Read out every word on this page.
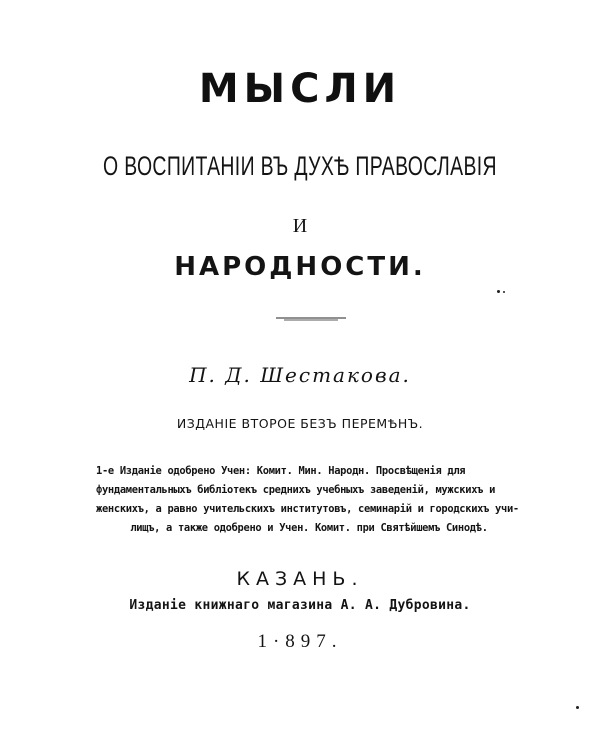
МЫСЛИ
О ВОСПИТАНІИ ВЪ ДУХѢ ПРАВОСЛАВІЯ
И
НАРОДНОСТИ.
П. Д. Шестакова.
ИЗДАНІЕ ВТОРОЕ БЕЗЪ ПЕРЕМѢНЪ.
1-е Изданіе одобрено Учен: Комит. Мин. Народн. Просвѣщенія для
фундаментальныхъ библіотекъ среднихъ учебныхъ заведеній, мужскихъ и
женскихъ, а равно учительскихъ институтовъ, семинарій и городскихъ учи-
лищъ, а также одобрено и Учен. Комит. при Святѣйшемъ Синодѣ.
КАЗАНЬ.
Изданіе книжнаго магазина А. А. Дубровина.
1·897.
